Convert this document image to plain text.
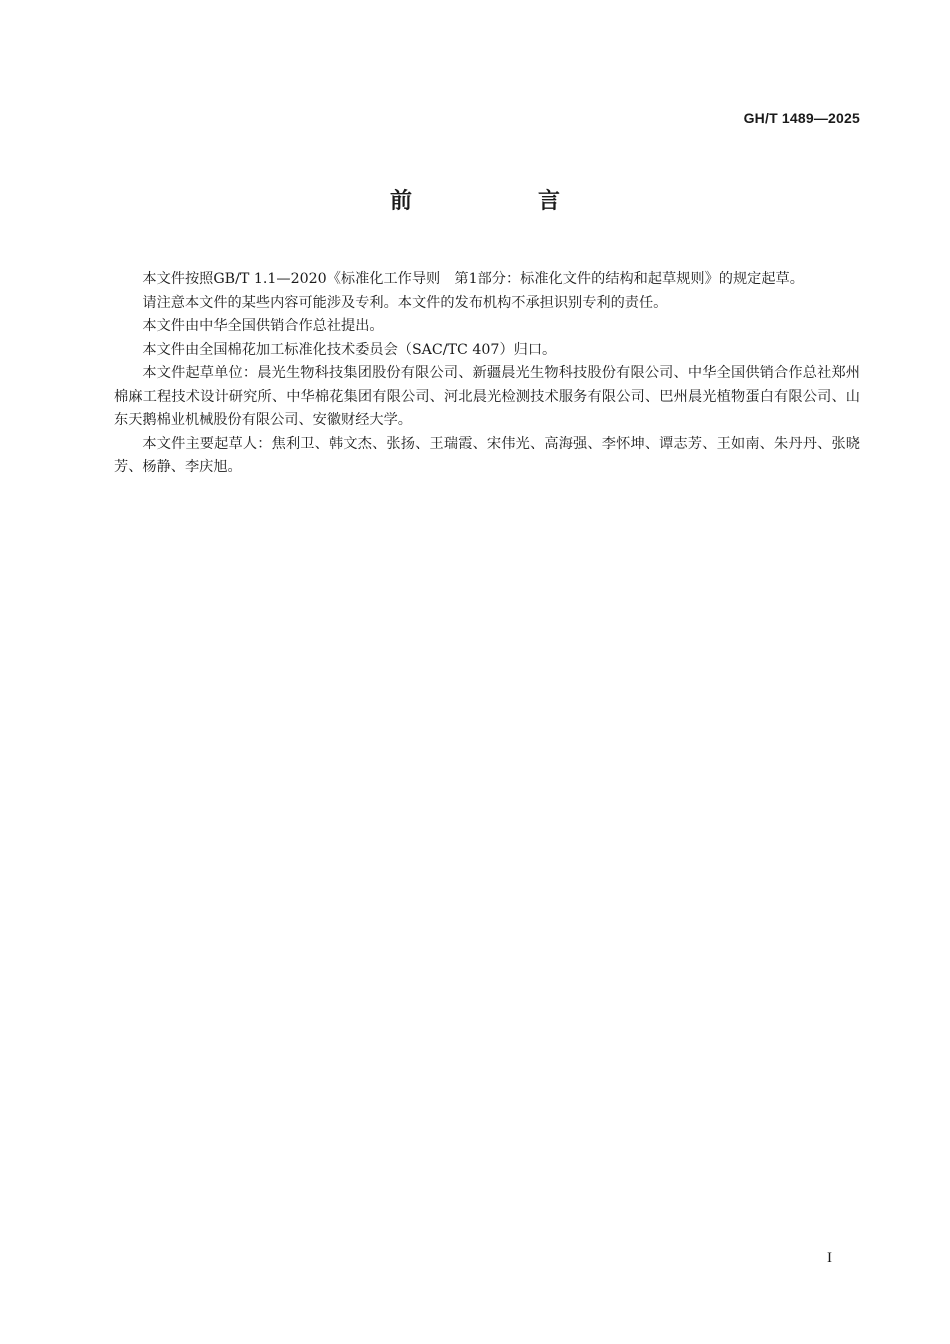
GH/T 1489—2025
前　言

本文件按照GB/T 1.1—2020《标准化工作导则　第1部分：标准化文件的结构和起草规则》的规定起草。

请注意本文件的某些内容可能涉及专利。本文件的发布机构不承担识别专利的责任。

本文件由中华全国供销合作总社提出。

本文件由全国棉花加工标准化技术委员会（SAC/TC 407）归口。

本文件起草单位：晨光生物科技集团股份有限公司、新疆晨光生物科技股份有限公司、中华全国供销合作总社郑州棉麻工程技术设计研究所、中华棉花集团有限公司、河北晨光检测技术服务有限公司、巴州晨光植物蛋白有限公司、山东天鹅棉业机械股份有限公司、安徽财经大学。

本文件主要起草人：焦利卫、韩文杰、张扬、王瑞霞、宋伟光、高海强、李怀坤、谭志芳、王如南、朱丹丹、张晓芳、杨静、李庆旭。

I
